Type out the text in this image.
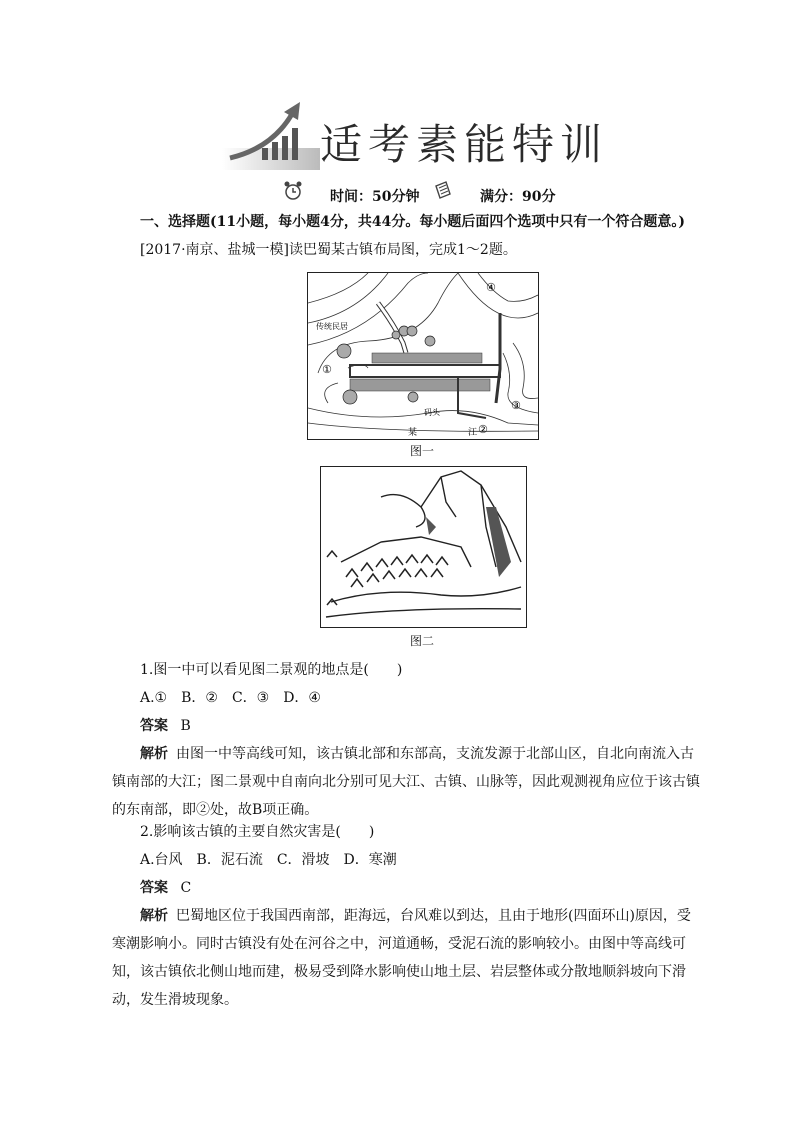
适考素能特训
时间：50分钟	满分：90分
一、选择题(11小题，每小题4分，共44分。每小题后面四个选项中只有一个符合题意。)
[2017·南京、盐城一模]读巴蜀某古镇布局图，完成1～2题。
传统民居
码头
某	江
①
②
③
④
图一
图二
1.图一中可以看见图二景观的地点是(　　)
A.①　B．②　C．③　D．④
答案 B
解析 由图一中等高线可知，该古镇北部和东部高，支流发源于北部山区，自北向南流入古镇南部的大江；图二景观中自南向北分别可见大江、古镇、山脉等，因此观测视角应位于该古镇的东南部，即②处，故B项正确。
2.影响该古镇的主要自然灾害是(　　)
A.台风　B．泥石流　C．滑坡　D．寒潮
答案 C
解析 巴蜀地区位于我国西南部，距海远，台风难以到达，且由于地形(四面环山)原因，受寒潮影响小。同时古镇没有处在河谷之中，河道通畅，受泥石流的影响较小。由图中等高线可知，该古镇依北侧山地而建，极易受到降水影响使山地土层、岩层整体或分散地顺斜坡向下滑动，发生滑坡现象。
